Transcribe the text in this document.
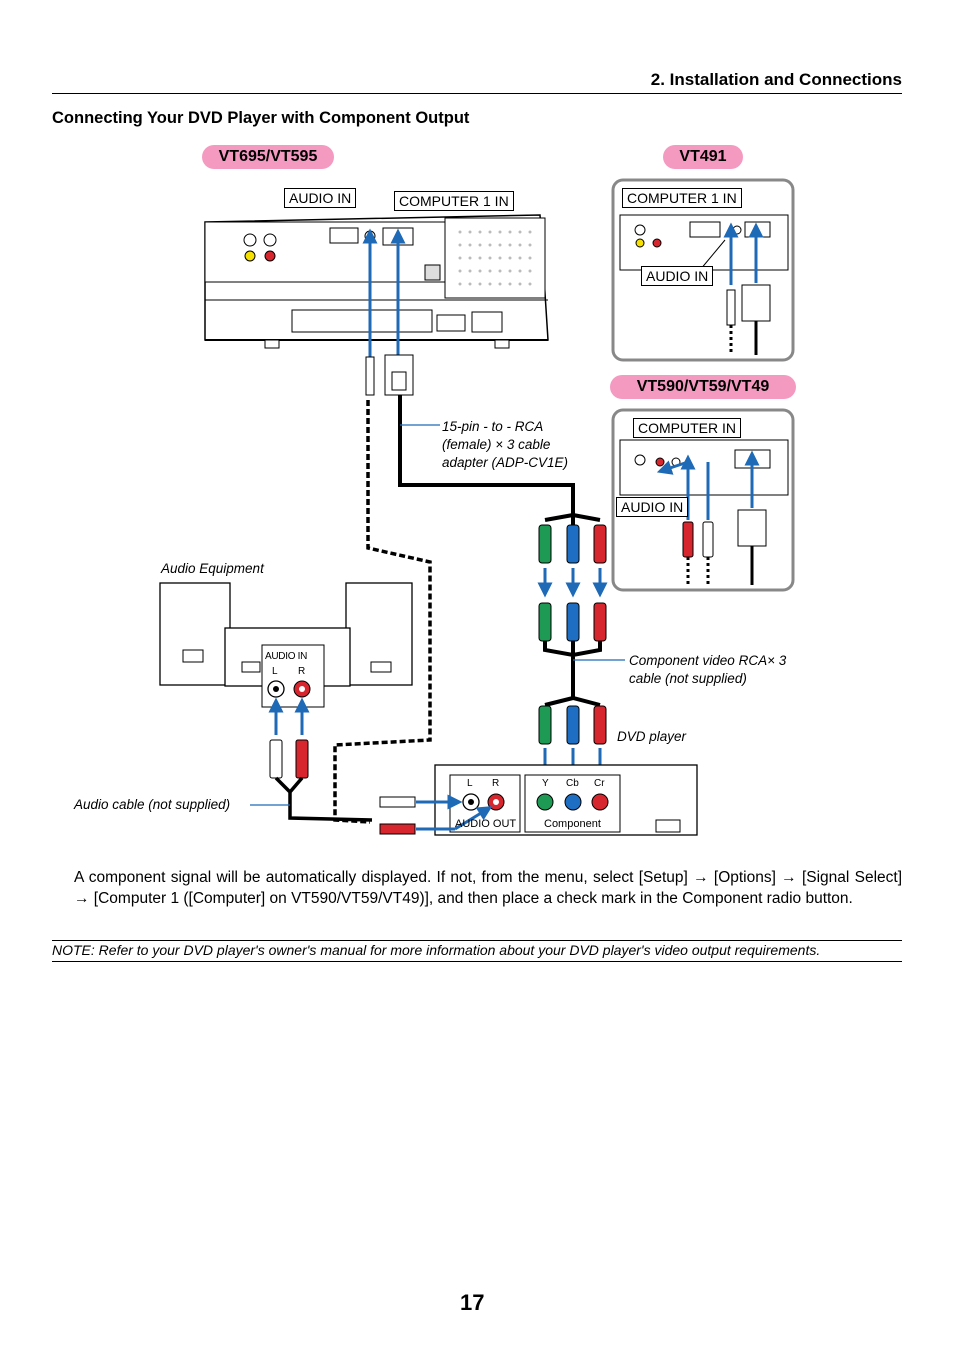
2. Installation and Connections
Connecting Your DVD Player with Component Output
VT695/VT595	VT491
VT590/VT59/VT49
AUDIO IN	COMPUTER 1 IN	COMPUTER 1 IN
AUDIO IN
COMPUTER IN
AUDIO IN
15-pin - to - RCA
(female) × 3 cable
adapter (ADP-CV1E)
Audio Equipment
Component video RCA× 3
cable (not supplied)
DVD player
Audio cable (not supplied)
AUDIO IN
L R
L R
AUDIO OUT
Y Cb Cr
Component
A component signal will be automatically displayed. If not, from the menu, select [Setup] → [Options] → [Signal Select] → [Computer 1 ([Computer] on VT590/VT59/VT49)], and then place a check mark in the Component radio button.
NOTE: Refer to your DVD player's owner's manual for more information about your DVD player's video output requirements.
17
